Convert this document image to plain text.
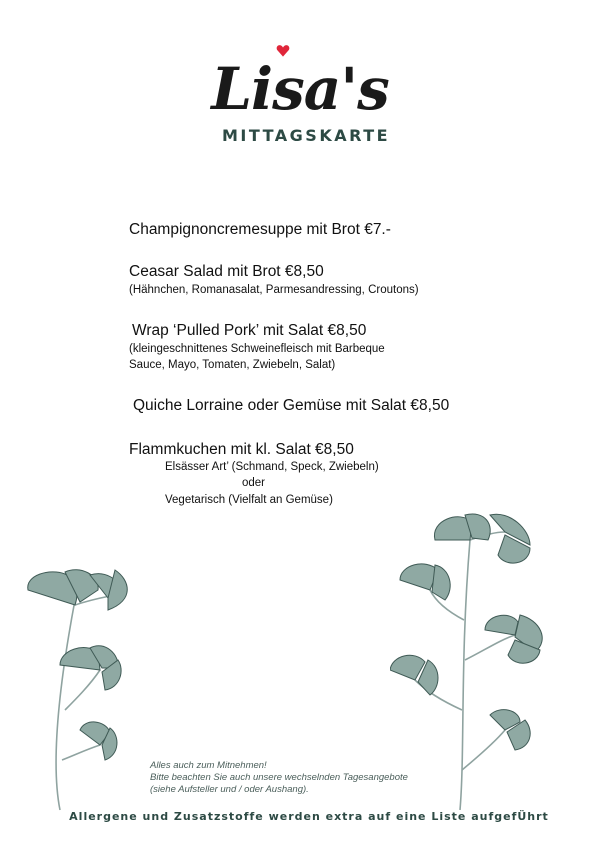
Lisa's
MITTAGSKARTE
Champignoncremesuppe mit Brot €7.-
Ceasar Salad mit Brot €8,50
(Hähnchen, Romanasalat, Parmesandressing, Croutons)
Wrap ‘Pulled Pork’ mit Salat €8,50
(kleingeschnittenes Schweinefleisch mit Barbeque
Sauce, Mayo, Tomaten, Zwiebeln, Salat)
Quiche Lorraine oder Gemüse mit Salat €8,50
Flammkuchen mit kl. Salat €8,50
Elsässer Art’ (Schmand, Speck, Zwiebeln)
oder
Vegetarisch (Vielfalt an Gemüse)
Alles auch zum Mitnehmen!
Bitte beachten Sie auch unsere wechselnden Tagesangebote
(siehe Aufsteller und / oder Aushang).
Allergene und Zusatzstoffe werden extra auf eine Liste aufgefÜhrt
